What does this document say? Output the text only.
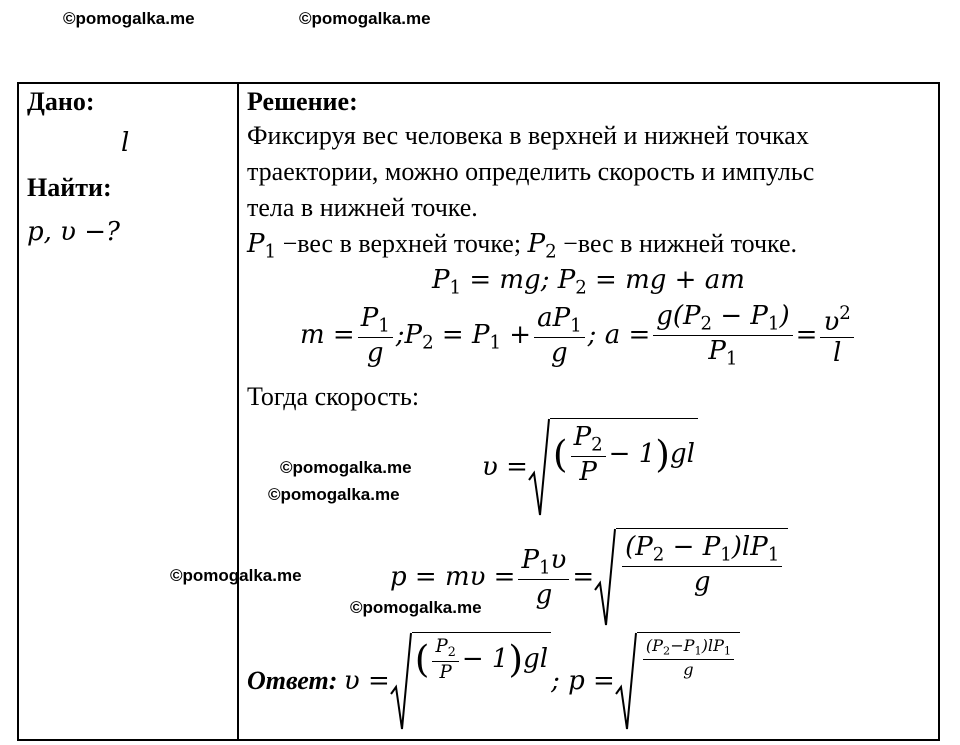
©pomogalka.me	©pomogalka.me
©pomogalka.me
©pomogalka.me
©pomogalka.me
©pomogalka.me
Дано:
l
Найти:
p, υ −?
Решение:
Фиксируя вес человека в верхней и нижней точках
траектории, можно определить скорость и импульс
тела в нижней точке.
$P_1 -вес$ в верхней точке; $P_2 -вес$ в нижней точке.
$P_1$ = mg; $P_2$ = mg + am
$m = \frac{P_1}{g}$ $;P_2 = P_1 + \frac{aP_1}{g}$ ; $a = \frac{g(P_2 - P_1)}{P_1} = \frac{\upsilon^2}{l}$
Тогда скорость:
υ = ( $\frac{P_2}{P} - 1)gl$
$p = m\upsilon = \frac{P_1\upsilon}{g} = \frac{(P_2 - P_1)lP_1}{g}$
Ответ: υ = ( $\frac{P_2}{P} - 1)gl$
; p =
$\frac{(P_2-P_1)lP_1}{g}$
